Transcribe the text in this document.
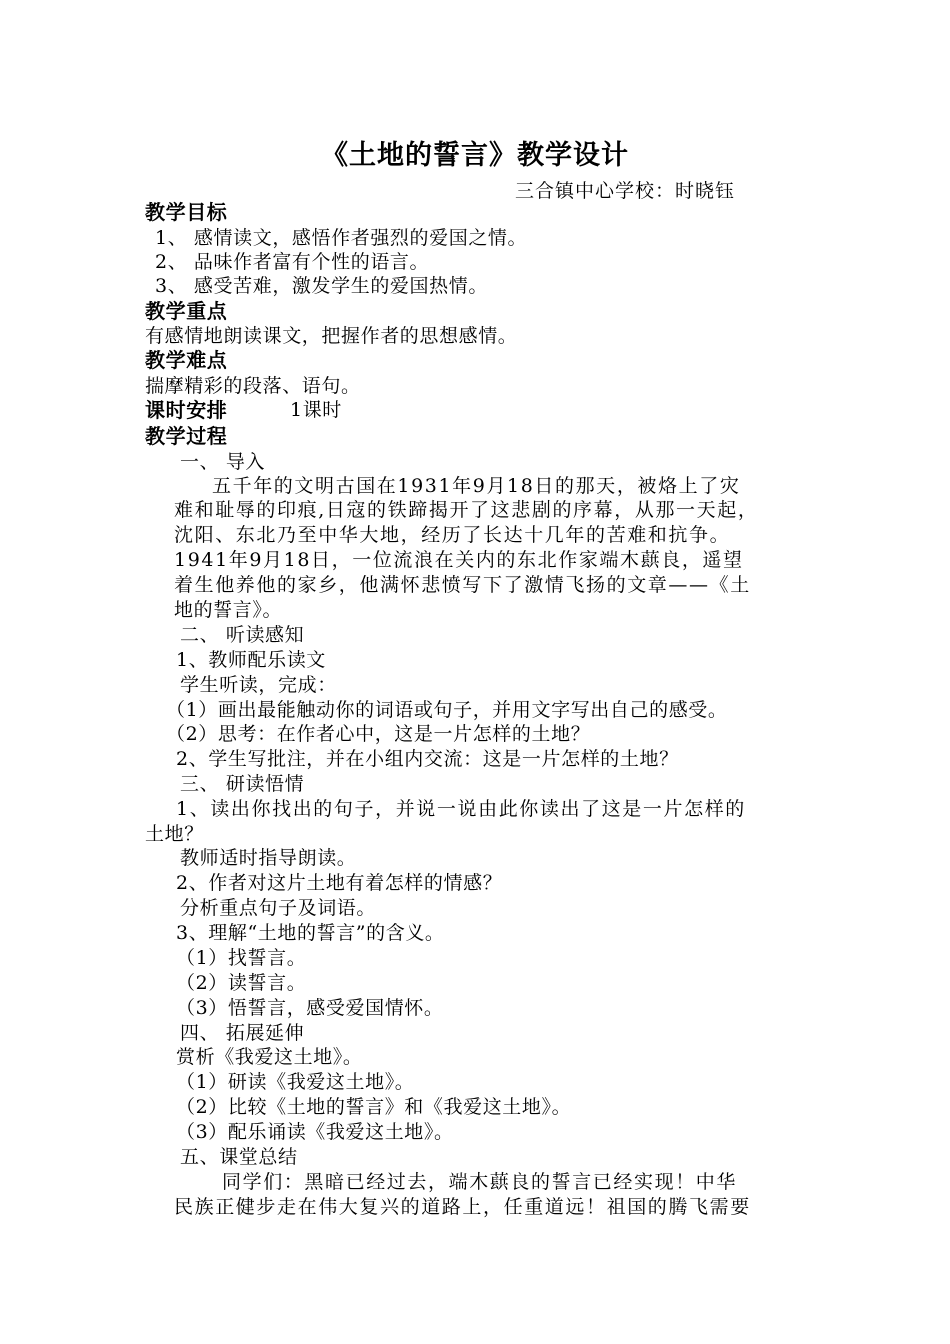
《土地的誓言》教学设计
三合镇中心学校：时晓钰
教学目标
1、 感情读文，感悟作者强烈的爱国之情。
2、 品味作者富有个性的语言。
3、 感受苦难，激发学生的爱国热情。
教学重点
有感情地朗读课文，把握作者的思想感情。
教学难点
揣摩精彩的段落、语句。
课时安排	1课时
教学过程
一、 导入
五千年的文明古国在1931年9月18日的那天，被烙上了灾
难和耻辱的印痕,日寇的铁蹄揭开了这悲剧的序幕，从那一天起，
沈阳、东北乃至中华大地，经历了长达十几年的苦难和抗争。
1941年9月18日，一位流浪在关内的东北作家端木蕻良，遥望
着生他养他的家乡，他满怀悲愤写下了激情飞扬的文章——《土
地的誓言》。
二、 听读感知
1、教师配乐读文
学生听读，完成：
（1）画出最能触动你的词语或句子，并用文字写出自己的感受。
（2）思考：在作者心中，这是一片怎样的土地？
2、学生写批注，并在小组内交流：这是一片怎样的土地？
三、 研读悟情
1、读出你找出的句子，并说一说由此你读出了这是一片怎样的
土地？
教师适时指导朗读。
2、作者对这片土地有着怎样的情感？
分析重点句子及词语。
3、理解“土地的誓言”的含义。
（1）找誓言。
（2）读誓言。
（3）悟誓言，感受爱国情怀。
四、 拓展延伸
赏析《我爱这土地》。
（1）研读《我爱这土地》。
（2）比较《土地的誓言》和《我爱这土地》。
（3）配乐诵读《我爱这土地》。
五、课堂总结
同学们：黑暗已经过去，端木蕻良的誓言已经实现！中华
民族正健步走在伟大复兴的道路上，任重道远！祖国的腾飞需要
